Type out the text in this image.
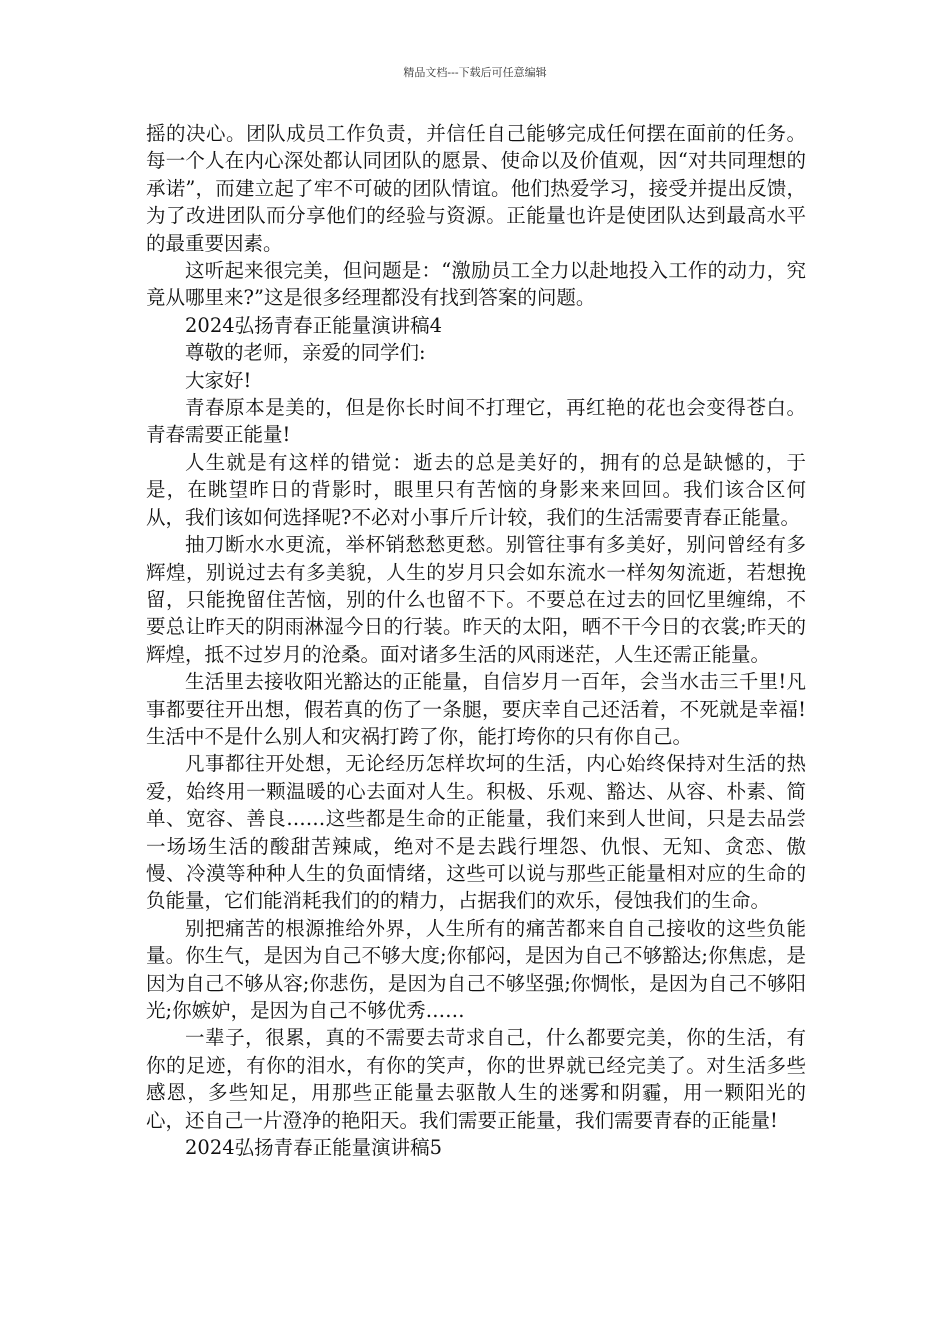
精品文档---下载后可任意编辑

摇的决心。团队成员工作负责，并信任自己能够完成任何摆在面前的任务。每一个人在内心深处都认同团队的愿景、使命以及价值观，因“对共同理想的承诺”，而建立起了牢不可破的团队情谊。他们热爱学习，接受并提出反馈，为了改进团队而分享他们的经验与资源。正能量也许是使团队达到最高水平的最重要因素。

这听起来很完美，但问题是：“激励员工全力以赴地投入工作的动力，究竟从哪里来?”这是很多经理都没有找到答案的问题。

2024弘扬青春正能量演讲稿4

尊敬的老师，亲爱的同学们:

大家好!

青春原本是美的，但是你长时间不打理它，再红艳的花也会变得苍白。青春需要正能量!

人生就是有这样的错觉：逝去的总是美好的，拥有的总是缺憾的，于是，在眺望昨日的背影时，眼里只有苦恼的身影来来回回。我们该合区何从，我们该如何选择呢?不必对小事斤斤计较，我们的生活需要青春正能量。

抽刀断水水更流，举杯销愁愁更愁。别管往事有多美好，别问曾经有多辉煌，别说过去有多美貌，人生的岁月只会如东流水一样匆匆流逝，若想挽留，只能挽留住苦恼，别的什么也留不下。不要总在过去的回忆里缠绵，不要总让昨天的阴雨淋湿今日的行装。昨天的太阳，晒不干今日的衣裳;昨天的辉煌，抵不过岁月的沧桑。面对诸多生活的风雨迷茫，人生还需正能量。

生活里去接收阳光豁达的正能量，自信岁月一百年，会当水击三千里!凡事都要往开出想，假若真的伤了一条腿，要庆幸自己还活着，不死就是幸福!生活中不是什么别人和灾祸打跨了你，能打垮你的只有你自己。

凡事都往开处想，无论经历怎样坎坷的生活，内心始终保持对生活的热爱，始终用一颗温暖的心去面对人生。积极、乐观、豁达、从容、朴素、简单、宽容、善良……这些都是生命的正能量，我们来到人世间，只是去品尝一场场生活的酸甜苦辣咸，绝对不是去践行埋怨、仇恨、无知、贪恋、傲慢、冷漠等种种人生的负面情绪，这些可以说与那些正能量相对应的生命的负能量，它们能消耗我们的的精力，占据我们的欢乐，侵蚀我们的生命。

别把痛苦的根源推给外界，人生所有的痛苦都来自自己接收的这些负能量。你生气，是因为自己不够大度;你郁闷，是因为自己不够豁达;你焦虑，是因为自己不够从容;你悲伤，是因为自己不够坚强;你惆怅，是因为自己不够阳光;你嫉妒，是因为自己不够优秀……

一辈子，很累，真的不需要去苛求自己，什么都要完美，你的生活，有你的足迹，有你的泪水，有你的笑声，你的世界就已经完美了。对生活多些感恩，多些知足，用那些正能量去驱散人生的迷雾和阴霾，用一颗阳光的心，还自己一片澄净的艳阳天。我们需要正能量，我们需要青春的正能量!

2024弘扬青春正能量演讲稿5
